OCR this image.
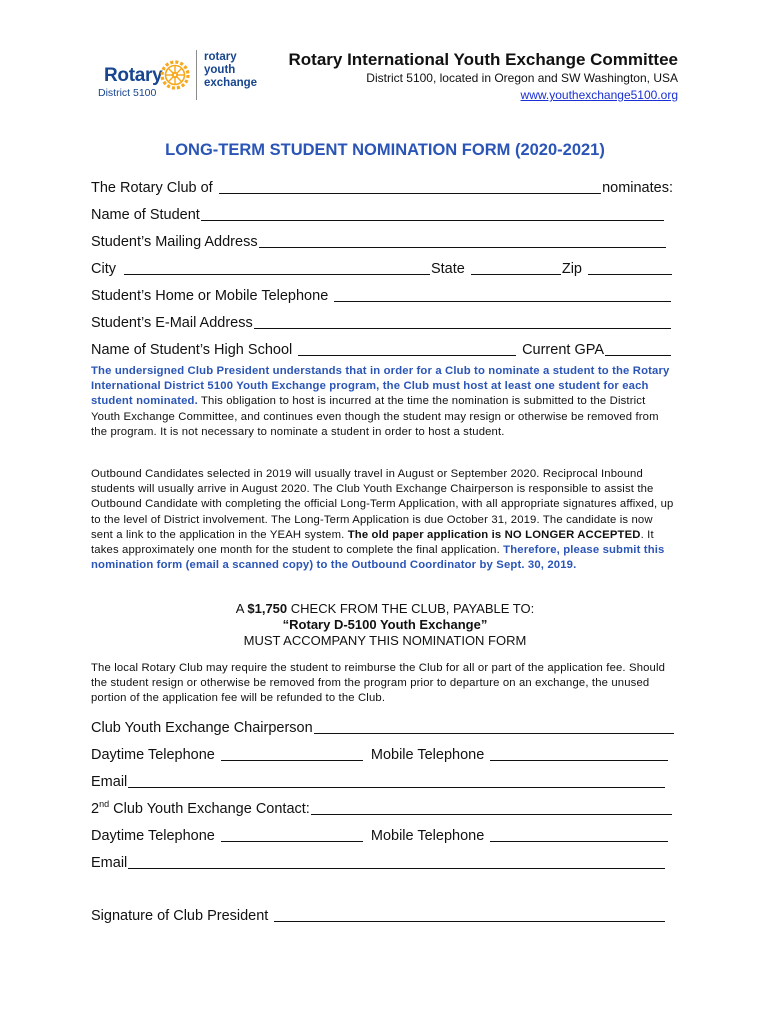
Rotary
District 5100
rotary
youth
exchange
Rotary International Youth Exchange Committee
District 5100, located in Oregon and SW Washington, USA
www.youthexchange5100.org
LONG-TERM STUDENT NOMINATION FORM (2020-2021)
The Rotary Club of	nominates:
Name of Student
Student’s Mailing Address
City	State	Zip
Student’s Home or Mobile Telephone
Student’s E-Mail Address
Name of Student’s High School	Current GPA
The undersigned Club President understands that in order for a Club to nominate a student to the Rotary International District 5100 Youth Exchange program, the Club must host at least one student for each student nominated. This obligation to host is incurred at the time the nomination is submitted to the District Youth Exchange Committee, and continues even though the student may resign or otherwise be removed from the program. It is not necessary to nominate a student in order to host a student.
Outbound Candidates selected in 2019 will usually travel in August or September 2020. Reciprocal Inbound students will usually arrive in August 2020. The Club Youth Exchange Chairperson is responsible to assist the Outbound Candidate with completing the official Long-Term Application, with all appropriate signatures affixed, up to the level of District involvement. The Long-Term Application is due October 31, 2019. The candidate is now sent a link to the application in the YEAH system. The old paper application is NO LONGER ACCEPTED. It takes approximately one month for the student to complete the final application. Therefore, please submit this nomination form (email a scanned copy) to the Outbound Coordinator by Sept. 30, 2019.
A $1,750 CHECK FROM THE CLUB, PAYABLE TO:
“Rotary D-5100 Youth Exchange”
MUST ACCOMPANY THIS NOMINATION FORM
The local Rotary Club may require the student to reimburse the Club for all or part of the application fee. Should the student resign or otherwise be removed from the program prior to departure on an exchange, the unused portion of the application fee will be refunded to the Club.
Club Youth Exchange Chairperson
Daytime Telephone	Mobile Telephone
Email
2nd Club Youth Exchange Contact:
Daytime Telephone	Mobile Telephone
Email
Signature of Club President
